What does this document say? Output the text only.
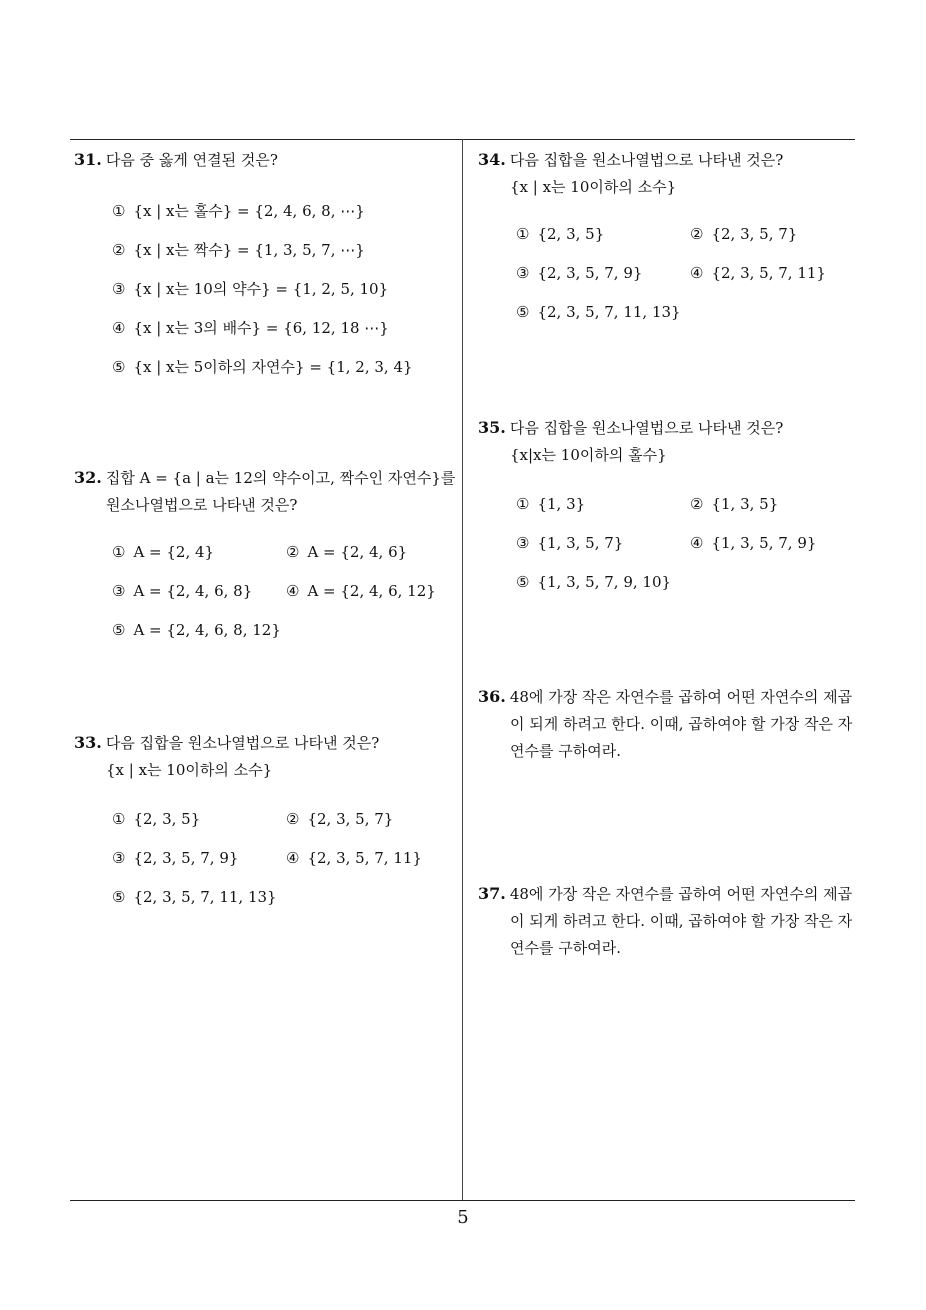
31. 다음 중 옳게 연결된 것은?
① {x | x는 홀수} = {2, 4, 6, 8, ⋯}
② {x | x는 짝수} = {1, 3, 5, 7, ⋯}
③ {x | x는 10의 약수} = {1, 2, 5, 10}
④ {x | x는 3의 배수} = {6, 12, 18 ⋯}
⑤ {x | x는 5이하의 자연수} = {1, 2, 3, 4}
32. 집합 A = {a | a는 12의 약수이고, 짝수인 자연수}를
원소나열법으로 나타낸 것은?
① A = {2, 4}	② A = {2, 4, 6}
③ A = {2, 4, 6, 8} ④ A = {2, 4, 6, 12}
⑤ A = {2, 4, 6, 8, 12}
33. 다음 집합을 원소나열법으로 나타낸 것은?
{x | x는 10이하의 소수}
① {2, 3, 5}	② {2, 3, 5, 7}
③ {2, 3, 5, 7, 9}	④ {2, 3, 5, 7, 11}
⑤ {2, 3, 5, 7, 11, 13}
34. 다음 집합을 원소나열법으로 나타낸 것은?
{x | x는 10이하의 소수}
① {2, 3, 5}	② {2, 3, 5, 7}
③ {2, 3, 5, 7, 9}	④ {2, 3, 5, 7, 11}
⑤ {2, 3, 5, 7, 11, 13}
35. 다음 집합을 원소나열법으로 나타낸 것은?
{x|x는 10이하의 홀수}
① {1, 3}	② {1, 3, 5}
③ {1, 3, 5, 7}	④ {1, 3, 5, 7, 9}
⑤ {1, 3, 5, 7, 9, 10}
36. 48에 가장 작은 자연수를 곱하여 어떤 자연수의 제곱
이 되게 하려고 한다. 이때, 곱하여야 할 가장 작은 자
연수를 구하여라.
37. 48에 가장 작은 자연수를 곱하여 어떤 자연수의 제곱
이 되게 하려고 한다. 이때, 곱하여야 할 가장 작은 자
연수를 구하여라.
5
